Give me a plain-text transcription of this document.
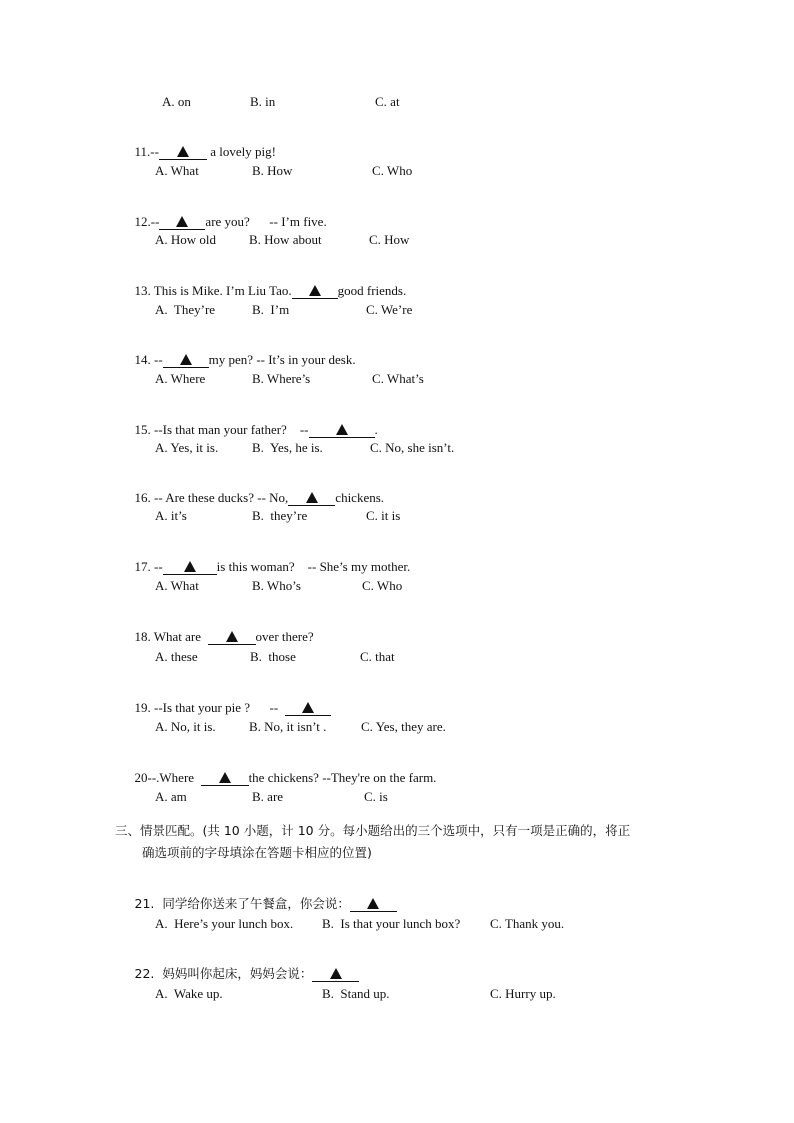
A. on	B. in	C. at

11.--	a lovely pig!

A. What	B. How	C. Who

12.--	are you?      -- I’m five.

A. How old	B. How about	C. How

13. This is Mike. I’m Liu Tao.	good friends.

A.  They’re	B.  I’m	C. We’re

14. --	my pen? -- It’s in your desk.

A. Where	B. Where’s	C. What’s

15. --Is that man your father?    --	.

A. Yes, it is.	B.  Yes, he is.	C. No, she isn’t.

16. -- Are these ducks? -- No,	chickens.

A. it’s	B.  they’re	C. it is

17. --	is this woman?    -- She’s my mother.

A. What	B. Who’s	C. Who

18. What are	over there?

A. these	B.  those	C. that

19. --Is that your pie ?      --

A. No, it is.	B. No, it isn’t .	C. Yes, they are.

20--.Where	the chickens? --They're on the farm.

A. am	B. are	C. is
三、情景匹配。(共 10 小题，计 10 分。每小题给出的三个选项中，只有一项是正确的，将正
确选项前的字母填涂在答题卡相应的位置)

21.  同学给你送来了午餐盒，你会说：

A.  Here’s your lunch box. B.  Is that your lunch box? C. Thank you.

22.  妈妈叫你起床，妈妈会说：

A.  Wake up.	B.  Stand up.	C. Hurry up.
